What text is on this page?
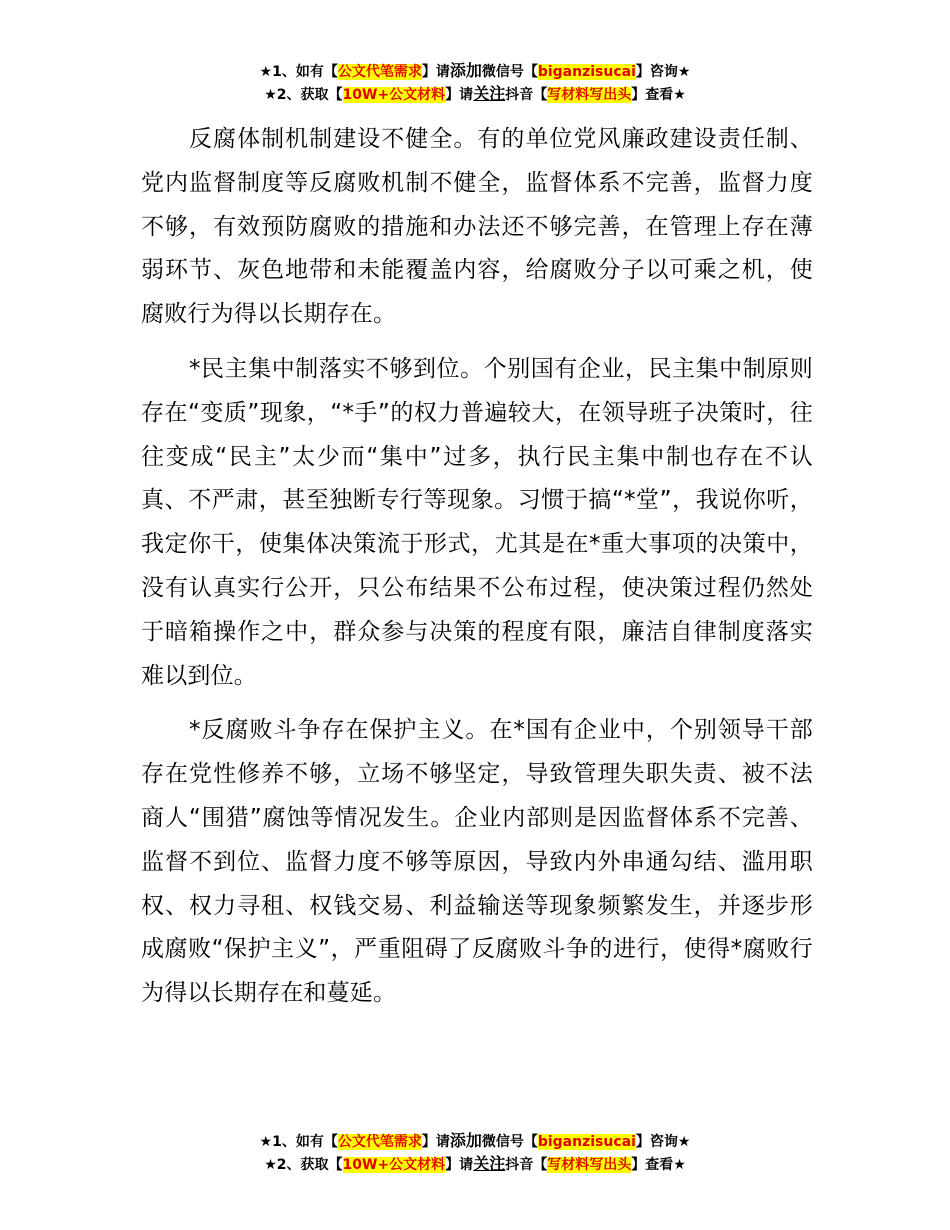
★1、如有【公文代笔需求】请添加微信号【biganzisucai】咨询★
★2、获取【10W+公文材料】请关注抖音【写材料写出头】查看★

反腐体制机制建设不健全。有的单位党风廉政建设责任制、党内监督制度等反腐败机制不健全，监督体系不完善，监督力度不够，有效预防腐败的措施和办法还不够完善，在管理上存在薄弱环节、灰色地带和未能覆盖内容，给腐败分子以可乘之机，使腐败行为得以长期存在。

*民主集中制落实不够到位。个别国有企业，民主集中制原则存在“变质”现象，“*手”的权力普遍较大，在领导班子决策时，往往变成“民主”太少而“集中”过多，执行民主集中制也存在不认真、不严肃，甚至独断专行等现象。习惯于搞“*堂”，我说你听，我定你干，使集体决策流于形式，尤其是在*重大事项的决策中，没有认真实行公开，只公布结果不公布过程，使决策过程仍然处于暗箱操作之中，群众参与决策的程度有限，廉洁自律制度落实难以到位。

*反腐败斗争存在保护主义。在*国有企业中，个别领导干部存在党性修养不够，立场不够坚定，导致管理失职失责、被不法商人“围猎”腐蚀等情况发生。企业内部则是因监督体系不完善、监督不到位、监督力度不够等原因，导致内外串通勾结、滥用职权、权力寻租、权钱交易、利益输送等现象频繁发生，并逐步形成腐败“保护主义”，严重阻碍了反腐败斗争的进行，使得*腐败行为得以长期存在和蔓延。

★1、如有【公文代笔需求】请添加微信号【biganzisucai】咨询★
★2、获取【10W+公文材料】请关注抖音【写材料写出头】查看★
